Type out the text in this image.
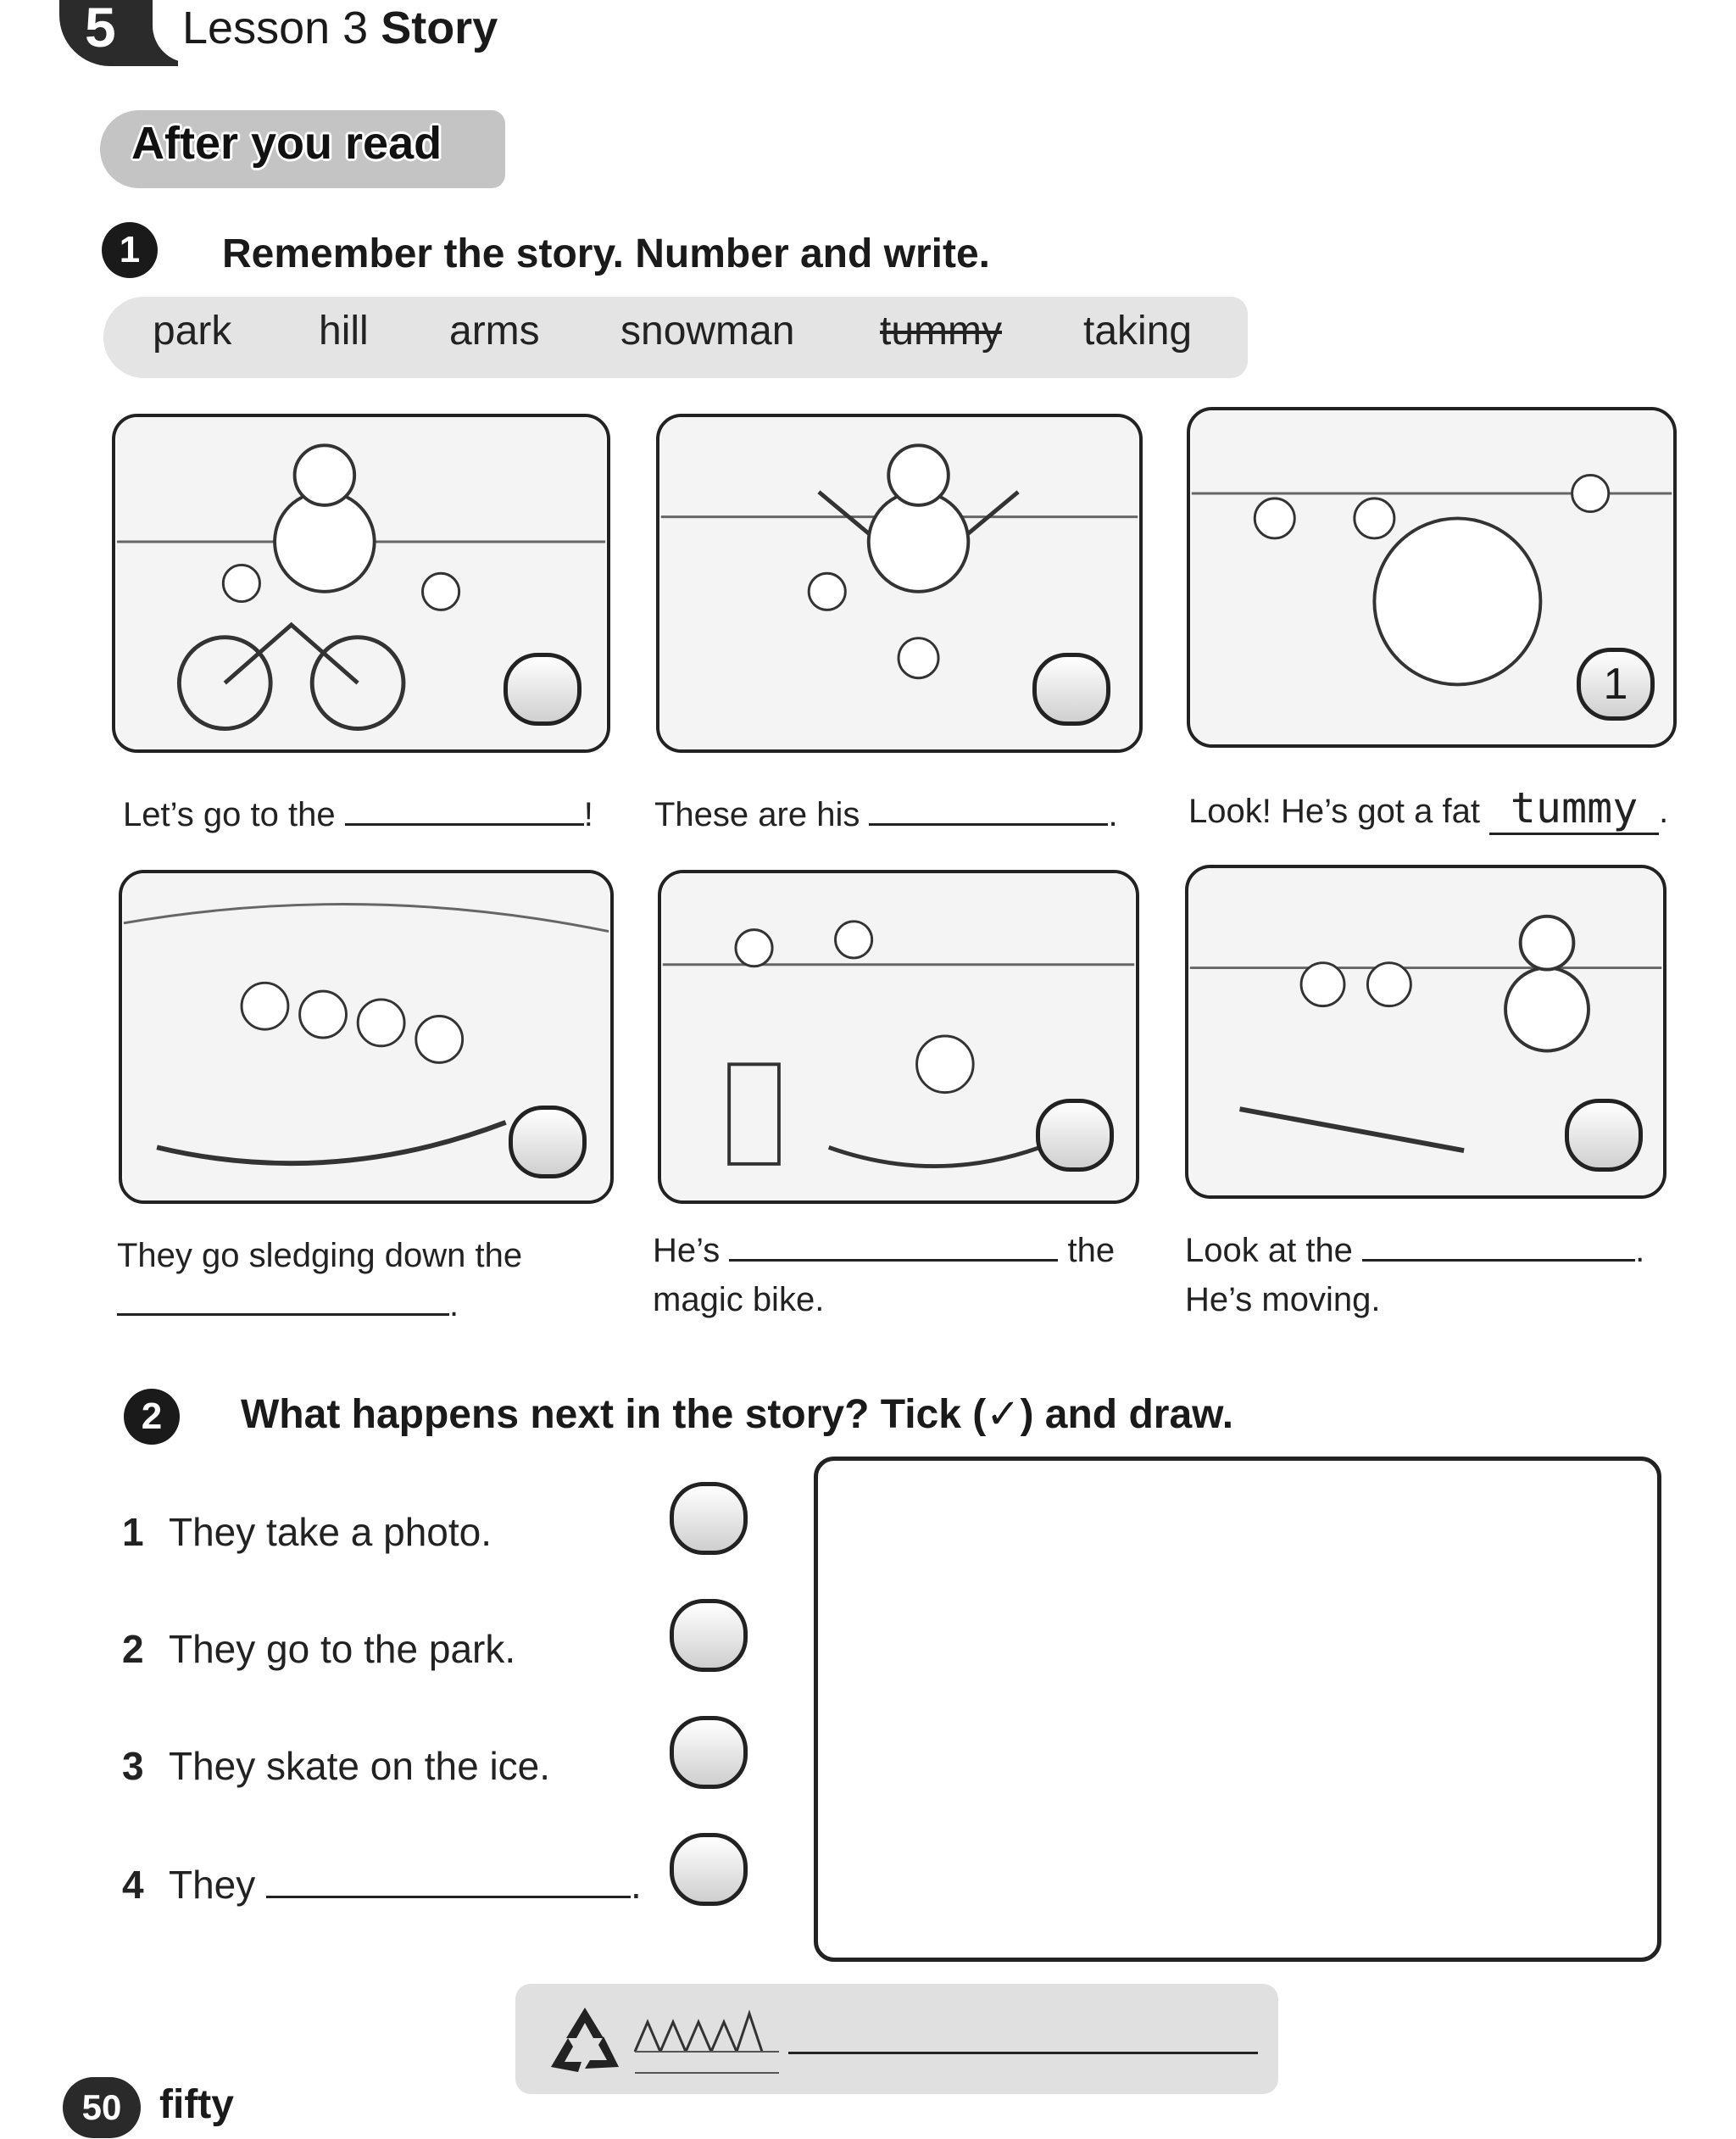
5 Lesson 3 Story
After you read
1	Remember the story. Number and write.
park hill arms snowman tummy taking
1
Let’s go to the	! These are his	. Look! He’s got a fat tummy .
They go sledging down the
.
He’s	the
magic bike.
Look at the	.
He’s moving.
2	What happens next in the story? Tick (✓) and draw.
1 They take a photo.
2 They go to the park.
3 They skate on the ice.
4 They	.
50 fifty
